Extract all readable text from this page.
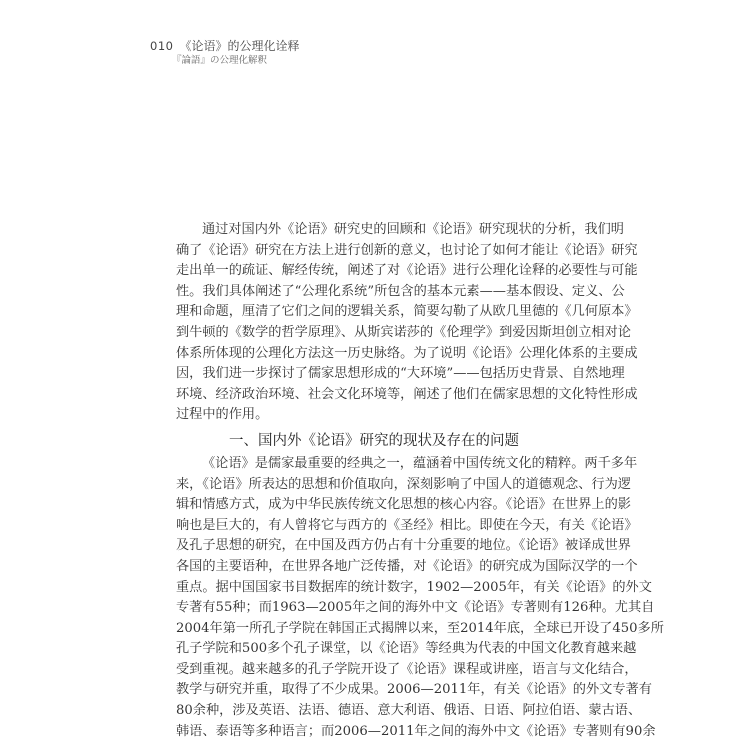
010 《论语》的公理化诠释
『論語』の公理化解釈
通过对国内外《论语》研究史的回顾和《论语》研究现状的分析，我们明
确了《论语》研究在方法上进行创新的意义，也讨论了如何才能让《论语》研究
走出单一的疏证、解经传统，阐述了对《论语》进行公理化诠释的必要性与可能
性。我们具体阐述了“公理化系统”所包含的基本元素——基本假设、定义、公
理和命题，厘清了它们之间的逻辑关系，简要勾勒了从欧几里德的《几何原本》
到牛顿的《数学的哲学原理》、从斯宾诺莎的《伦理学》到爱因斯坦创立相对论
体系所体现的公理化方法这一历史脉络。为了说明《论语》公理化体系的主要成
因，我们进一步探讨了儒家思想形成的“大环境”——包括历史背景、自然地理
环境、经济政治环境、社会文化环境等，阐述了他们在儒家思想的文化特性形成
过程中的作用。
一、国内外《论语》研究的现状及存在的问题
《论语》是儒家最重要的经典之一，蕴涵着中国传统文化的精粹。两千多年
来，《论语》所表达的思想和价值取向，深刻影响了中国人的道德观念、行为逻
辑和情感方式，成为中华民族传统文化思想的核心内容。《论语》在世界上的影
响也是巨大的，有人曾将它与西方的《圣经》相比。即使在今天，有关《论语》
及孔子思想的研究，在中国及西方仍占有十分重要的地位。《论语》被译成世界
各国的主要语种，在世界各地广泛传播，对《论语》的研究成为国际汉学的一个
重点。据中国国家书目数据库的统计数字，1902—2005年，有关《论语》的外文
专著有55种；而1963—2005年之间的海外中文《论语》专著则有126种。尤其自
2004年第一所孔子学院在韩国正式揭牌以来，至2014年底，全球已开设了450多所
孔子学院和500多个孔子课堂，以《论语》等经典为代表的中国文化教育越来越
受到重视。越来越多的孔子学院开设了《论语》课程或讲座，语言与文化结合，
教学与研究并重，取得了不少成果。2006—2011年，有关《论语》的外文专著有
80余种，涉及英语、法语、德语、意大利语、俄语、日语、阿拉伯语、蒙古语、
韩语、泰语等多种语言；而2006—2011年之间的海外中文《论语》专著则有90余
